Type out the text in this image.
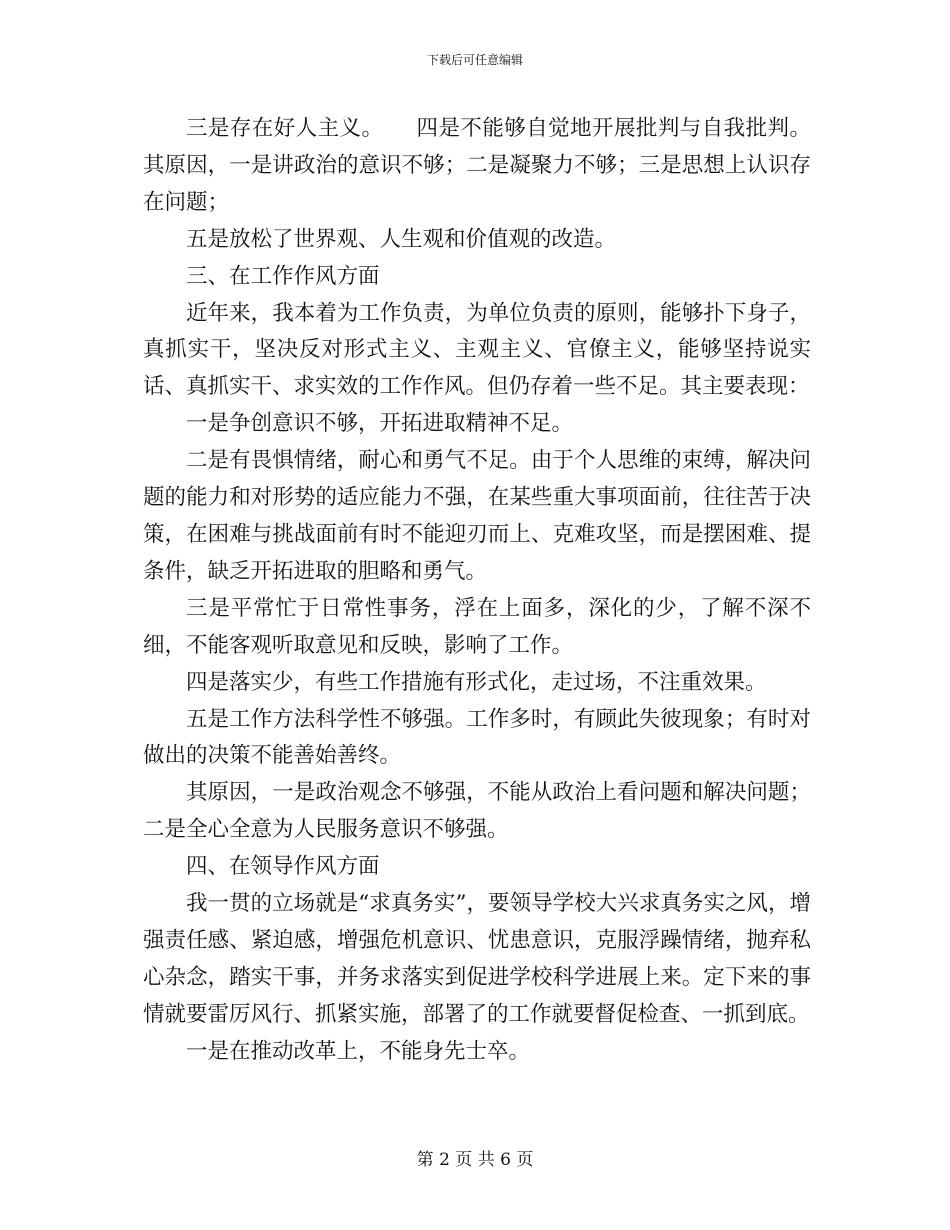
下载后可任意编辑

三是存在好人主义。　　四是不能够自觉地开展批判与自我批判。其原因，一是讲政治的意识不够；二是凝聚力不够；三是思想上认识存在问题；

五是放松了世界观、人生观和价值观的改造。

三、在工作作风方面

近年来，我本着为工作负责，为单位负责的原则，能够扑下身子，真抓实干，坚决反对形式主义、主观主义、官僚主义，能够坚持说实话、真抓实干、求实效的工作作风。但仍存着一些不足。其主要表现：

一是争创意识不够，开拓进取精神不足。

二是有畏惧情绪，耐心和勇气不足。由于个人思维的束缚，解决问题的能力和对形势的适应能力不强，在某些重大事项面前，往往苦于决策，在困难与挑战面前有时不能迎刃而上、克难攻坚，而是摆困难、提条件，缺乏开拓进取的胆略和勇气。

三是平常忙于日常性事务，浮在上面多，深化的少，了解不深不细，不能客观听取意见和反映，影响了工作。

四是落实少，有些工作措施有形式化，走过场，不注重效果。

五是工作方法科学性不够强。工作多时，有顾此失彼现象；有时对做出的决策不能善始善终。

其原因，一是政治观念不够强，不能从政治上看问题和解决问题；二是全心全意为人民服务意识不够强。

四、在领导作风方面

我一贯的立场就是“求真务实”，要领导学校大兴求真务实之风，增强责任感、紧迫感，增强危机意识、忧患意识，克服浮躁情绪，抛弃私心杂念，踏实干事，并务求落实到促进学校科学进展上来。定下来的事情就要雷厉风行、抓紧实施，部署了的工作就要督促检查、一抓到底。

一是在推动改革上，不能身先士卒。

第 2 页 共 6 页
